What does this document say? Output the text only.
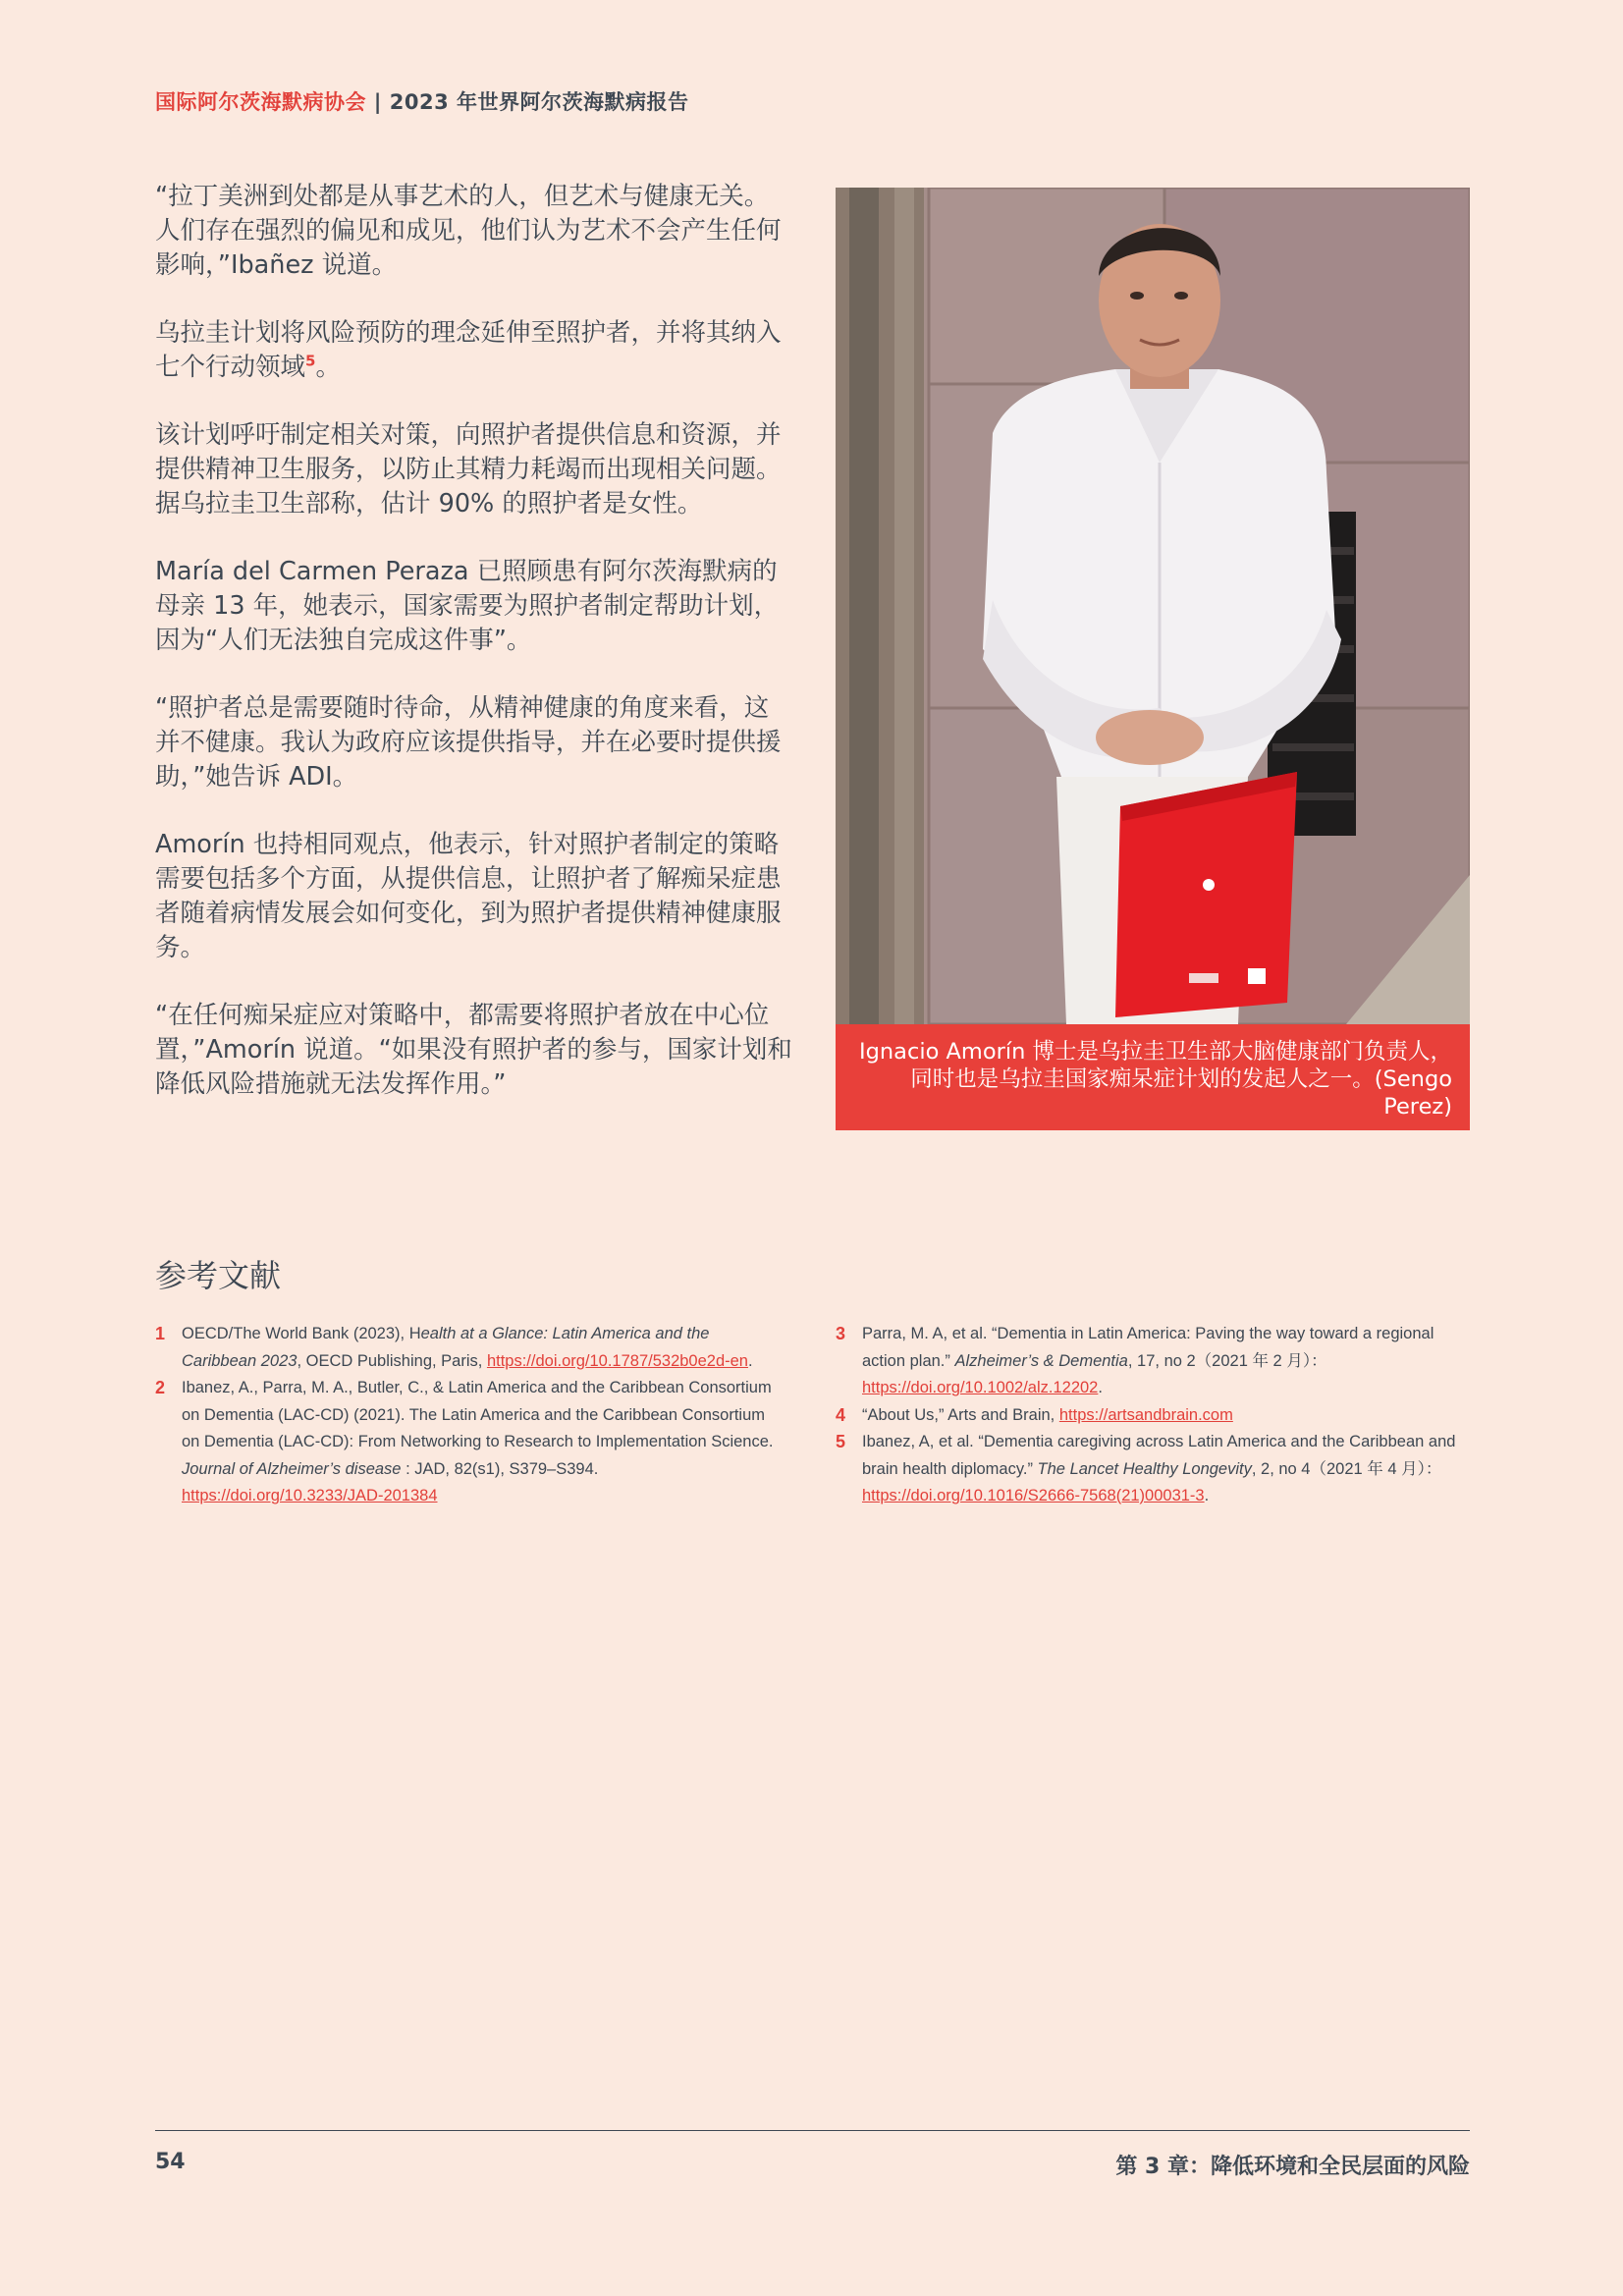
国际阿尔茨海默病协会 | 2023 年世界阿尔茨海默病报告

“拉丁美洲到处都是从事艺术的人，但艺术与健康无关。人们存在强烈的偏见和成见，他们认为艺术不会产生任何影响，”Ibañez 说道。

乌拉圭计划将风险预防的理念延伸至照护者，并将其纳入七个行动领域$^5$。

该计划呼吁制定相关对策，向照护者提供信息和资源，并提供精神卫生服务，以防止其精力耗竭而出现相关问题。据乌拉圭卫生部称，估计 90% 的照护者是女性。

María del Carmen Peraza 已照顾患有阿尔茨海默病的母亲 13 年，她表示，国家需要为照护者制定帮助计划，因为“人们无法独自完成这件事”。

“照护者总是需要随时待命，从精神健康的角度来看，这并不健康。我认为政府应该提供指导，并在必要时提供援助，”她告诉 ADI。

Amorín 也持相同观点，他表示，针对照护者制定的策略需要包括多个方面，从提供信息，让照护者了解痴呆症患者随着病情发展会如何变化，到为照护者提供精神健康服务。

“在任何痴呆症应对策略中，都需要将照护者放在中心位置，”Amorín 说道。“如果没有照护者的参与，国家计划和降低风险措施就无法发挥作用。”

Ignacio Amorín 博士是乌拉圭卫生部大脑健康部门负责人，同时也是乌拉圭国家痴呆症计划的发起人之一。(Sengo Perez)
参考文献
1 OECD/The World Bank (2023), Health at a Glance: Latin America and the Caribbean 2023, OECD Publishing, Paris, https://doi.org/10.1787/532b0e2d-en.
2 Ibanez, A., Parra, M. A., Butler, C., & Latin America and the Caribbean Consortium on Dementia (LAC-CD) (2021). The Latin America and the Caribbean Consortium on Dementia (LAC-CD): From Networking to Research to Implementation Science. Journal of Alzheimer’s disease : JAD, 82(s1), S379–S394. https://doi.org/10.3233/JAD-201384
3 Parra, M. A, et al. “Dementia in Latin America: Paving the way toward a regional action plan.” Alzheimer’s & Dementia, 17, no 2（2021 年 2 月）：https://doi.org/10.1002/alz.12202.
4 “About Us,” Arts and Brain, https://artsandbrain.com
5 Ibanez, A, et al. “Dementia caregiving across Latin America and the Caribbean and brain health diplomacy.” The Lancet Healthy Longevity, 2, no 4（2021 年 4 月）：https://doi.org/10.1016/S2666-7568(21)00031-3.
54	第 3 章：降低环境和全民层面的风险
